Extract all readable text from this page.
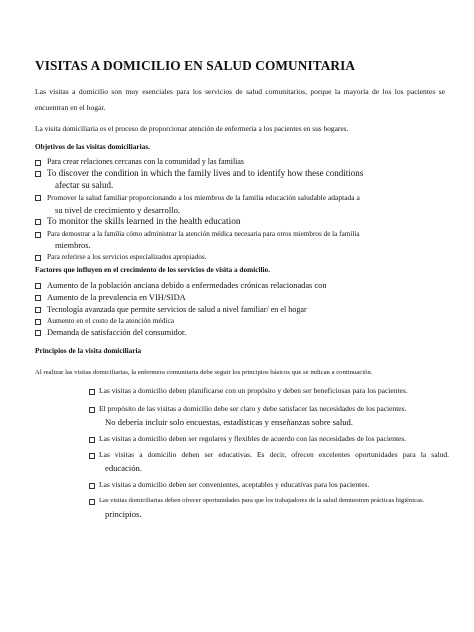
VISITAS A DOMICILIO EN SALUD COMUNITARIA

Las visitas a domicilio son muy esenciales para los servicios de salud comunitarios, porque la mayoría de los los pacientes se encuentran en el hogar.

La visita domiciliaria es el proceso de proporcionar atención de enfermería a los pacientes en sus hogares.

Objetivos de las visitas domiciliarias.
Para crear relaciones cercanas con la comunidad y las familias
To discover the condition in which the family lives and to identify how these conditions
afectar su salud.
Promover la salud familiar proporcionando a los miembros de la familia educación saludable adaptada a
su nivel de crecimiento y desarrollo.
To monitor the skills learned in the health education
Para demostrar a la familia cómo administrar la atención médica necesaria para otros miembros de la familia
miembros.
Para referirse a los servicios especializados apropiados.
Factores que influyen en el crecimiento de los servicios de visita a domicilio.
Aumento de la población anciana debido a enfermedades crónicas relacionadas con
Aumento de la prevalencia en VIH/SIDA
Tecnología avanzada que permite servicios de salud a nivel familiar/ en el hogar
Aumento en el costo de la atención médica
Demanda de satisfacción del consumidor.
Principios de la visita domiciliaria

Al realizar las visitas domiciliarias, la enfermera comunitaria debe seguir los principios básicos que se indican a continuación.

Las visitas a domicilio deben planificarse con un propósito y deben ser beneficiosas para los pacientes.
El propósito de las visitas a domicilio debe ser claro y debe satisfacer las necesidades de los pacientes.
No debería incluir solo encuestas, estadísticas y enseñanzas sobre salud.
Las visitas a domicilio deben ser regulares y flexibles de acuerdo con las necesidades de los pacientes.
Las visitas a domicilio deben ser educativas. Es decir, ofrecen excelentes oportunidades para la salud.
educación.
Las visitas a domicilio deben ser convenientes, aceptables y educativas para los pacientes.
Las visitas domiciliarias deben ofrecer oportunidades para que los trabajadores de la salud demuestren prácticas higiénicas.
principios.
